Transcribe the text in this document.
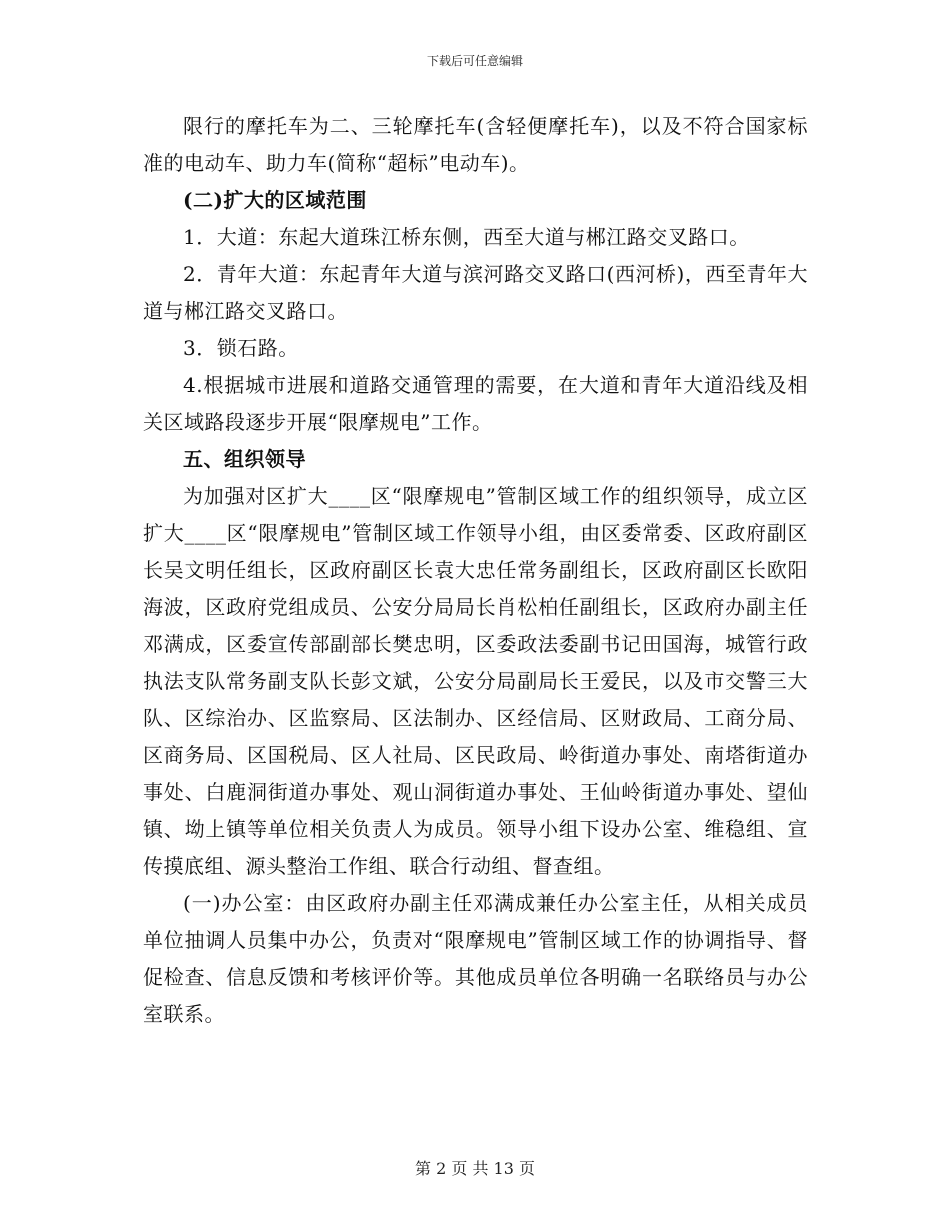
下载后可任意编辑

限行的摩托车为二、三轮摩托车(含轻便摩托车)，以及不符合国家标准的电动车、助力车(简称“超标”电动车)。

(二)扩大的区域范围

1．大道：东起大道珠江桥东侧，西至大道与郴江路交叉路口。

2．青年大道：东起青年大道与滨河路交叉路口(西河桥)，西至青年大道与郴江路交叉路口。

3．锁石路。

4.根据城市进展和道路交通管理的需要，在大道和青年大道沿线及相关区域路段逐步开展“限摩规电”工作。

五、组织领导

为加强对区扩大____区“限摩规电”管制区域工作的组织领导，成立区扩大____区“限摩规电”管制区域工作领导小组，由区委常委、区政府副区长吴文明任组长，区政府副区长袁大忠任常务副组长，区政府副区长欧阳海波，区政府党组成员、公安分局局长肖松柏任副组长，区政府办副主任邓满成，区委宣传部副部长樊忠明，区委政法委副书记田国海，城管行政执法支队常务副支队长彭文斌，公安分局副局长王爱民，以及市交警三大队、区综治办、区监察局、区法制办、区经信局、区财政局、工商分局、区商务局、区国税局、区人社局、区民政局、岭街道办事处、南塔街道办事处、白鹿洞街道办事处、观山洞街道办事处、王仙岭街道办事处、望仙镇、坳上镇等单位相关负责人为成员。领导小组下设办公室、维稳组、宣传摸底组、源头整治工作组、联合行动组、督查组。

(一)办公室：由区政府办副主任邓满成兼任办公室主任，从相关成员单位抽调人员集中办公，负责对“限摩规电”管制区域工作的协调指导、督促检查、信息反馈和考核评价等。其他成员单位各明确一名联络员与办公室联系。

第 2 页 共 13 页
